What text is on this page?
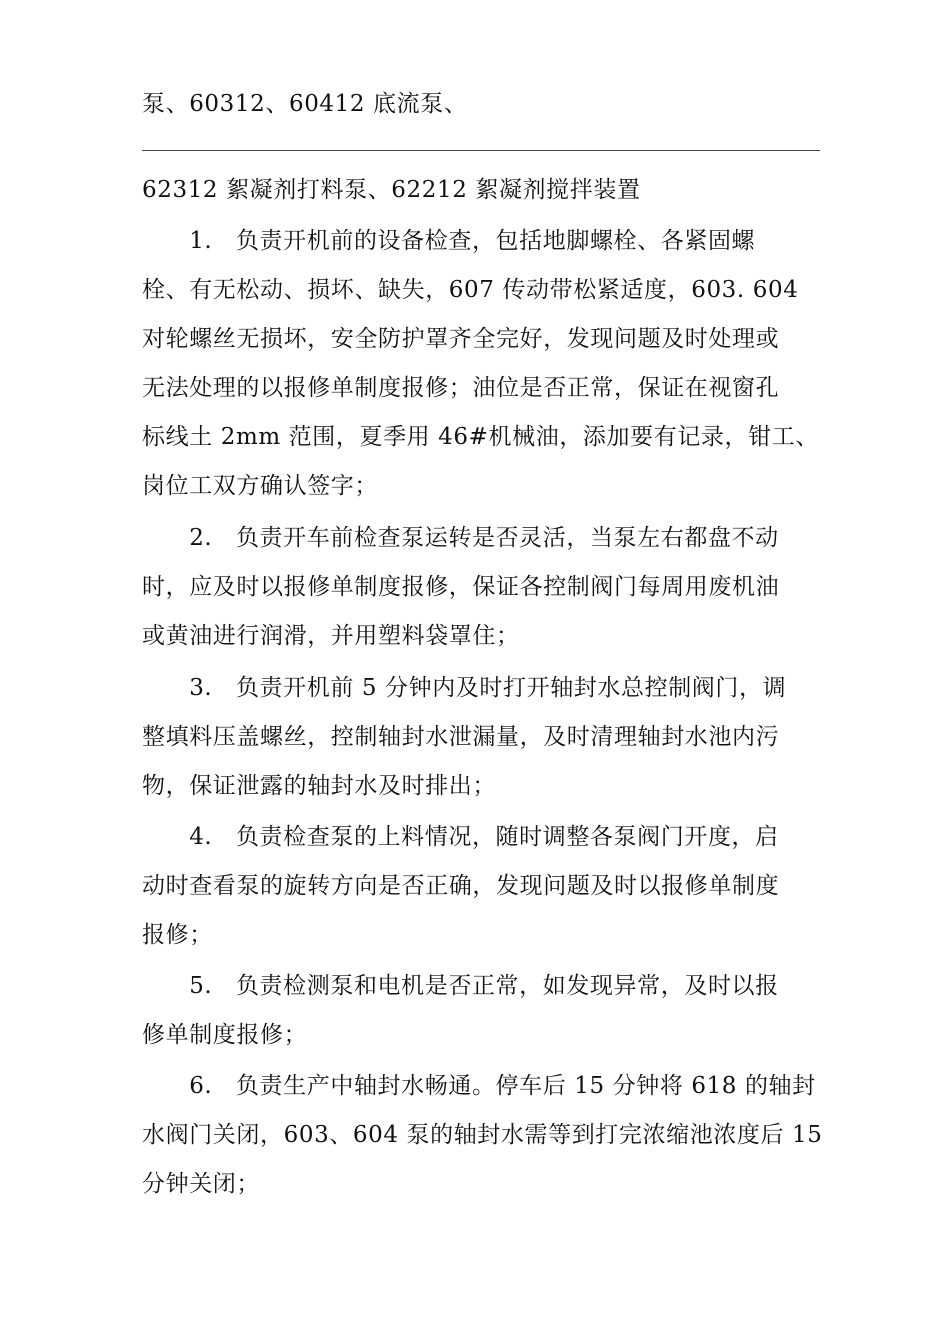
泵、60312、60412 底流泵、
62312 絮凝剂打料泵、62212 絮凝剂搅拌装置
　　1.　负责开机前的设备检查，包括地脚螺栓、各紧固螺
栓、有无松动、损坏、缺失，607 传动带松紧适度，603. 604
对轮螺丝无损坏，安全防护罩齐全完好，发现问题及时处理或
无法处理的以报修单制度报修；油位是否正常，保证在视窗孔
标线土 2mm 范围，夏季用 46#机械油，添加要有记录，钳工、
岗位工双方确认签字；
　　2.　负责开车前检查泵运转是否灵活，当泵左右都盘不动
时，应及时以报修单制度报修，保证各控制阀门每周用废机油
或黄油进行润滑，并用塑料袋罩住；
　　3.　负责开机前 5 分钟内及时打开轴封水总控制阀门，调
整填料压盖螺丝，控制轴封水泄漏量，及时清理轴封水池内污
物，保证泄露的轴封水及时排出；
　　4.　负责检查泵的上料情况，随时调整各泵阀门开度，启
动时查看泵的旋转方向是否正确，发现问题及时以报修单制度
报修；
　　5.　负责检测泵和电机是否正常，如发现异常，及时以报
修单制度报修；
　　6.　负责生产中轴封水畅通。停车后 15 分钟将 618 的轴封
水阀门关闭，603、604 泵的轴封水需等到打完浓缩池浓度后 15
分钟关闭；
